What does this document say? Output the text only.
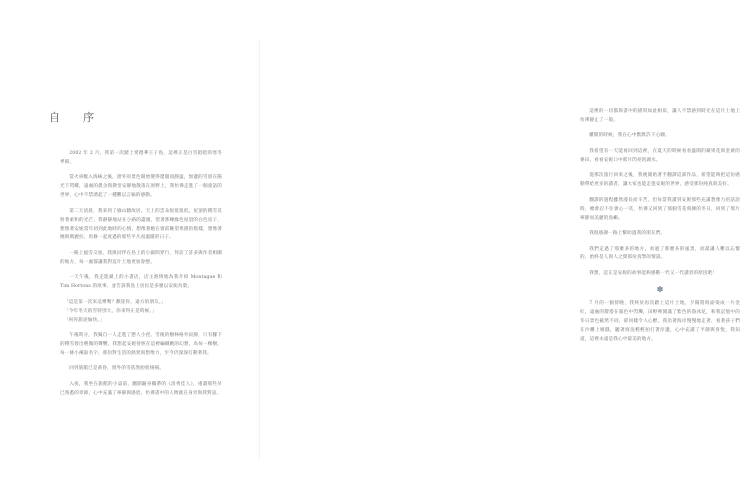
自　序

2002 年 2 月，我第一次踏上愛德華王子島，這裡正是白雪皚皚的寒冬季節。

當火車駛入海峽之後，窗外的景色開始變得遼闊而靜謐，無邊的雪原在陽光下閃耀，遠處的農舍與教堂安靜地散落在原野上，我彷彿走進了一個童話的世界，心中不禁湧起了一種難以言喻的感動。

第二天清晨，我來到了綠山牆故居。天上的雲朵很低很低，屋頂的積雪反射著柔和的光芒，我靜靜地站在小路的盡頭，望著那棟綠色屋頂的白色房子，想像著安妮當年初到此地時的心情，想像著她在窗前眺望果園的模樣，想像著她與瑪麗拉、馬修一起度過的那些平凡而溫暖的日子。

一路上風雪交加，我與同伴在島上的小鎮間穿行，拜訪了許多與作者相關的地方，每一處都讓我對這片土地更加眷戀。

一天午後，我走進鎮上的小書店，店主熱情地為我介紹 Montague 和 Tim Hortons 的故事，並告訴我島上居民是多麼以安妮為榮。

「這是第一次來這裡嗎？歡迎你，遠方的朋友。」

「今年冬天的雪特別大，你來得正是時候。」

「祝你旅途愉快。」

午後時分，我獨自一人走進了戀人小徑。雪後的樹林格外寂靜，只有腳下的積雪發出輕微的聲響。我想起安妮曾經在這裡編織她的幻想，為每一棵樹、每一條小溪取名字，那份對生活的熱愛與想像力，至今仍深深打動著我。

回到旅館已是黃昏，窗外的雪依然紛紛揚揚。

入夜，我坐在旅館的小桌前，翻開隨身攜帶的《清秀佳人》，重讀那些早已熟悉的章節，心中充滿了寧靜與感恩，彷彿書中的人物就在身旁與我對話。

這裡的一切都與書中的描寫如此相似，讓人不禁感到時光在這片土地上彷彿靜止了一般。

離開的時候，我在心中默默許下心願。

我希望有一天能再回到這裡，在夏天的時候看看盛開的蘋果花與金黃的麥田，看看安妮口中那片閃亮的湖水。

從那次旅行回來之後，我便開始著手翻譯這部作品，希望能夠把這份感動帶給更多的讀者，讓大家也能走進安妮的世界，感受那份純真與美好。

翻譯的過程雖然漫長而辛苦，但每當我讀到安妮那些充滿想像力的話語時，總會忍不住會心一笑，彷彿又回到了那個雪花飛舞的冬日，回到了那片寧靜而美麗的島嶼。

我很感謝一路上幫助過我的朋友們。

我們走過了那麼多的地方，看過了那麼多的風景，而最讓人難以忘懷的，始終是人與人之間那份真摯的情誼。

我想，這正是安妮的故事能夠感動一代又一代讀者的原因吧！

✽

7 月的一個傍晚，我終於再次踏上這片土地，夕陽將海面染成一片金紅，遠處的燈塔在暮色中閃爍，田野裡開滿了紫色的魯冰花，和我記憶中的冬日景色截然不同，卻同樣令人心醉。我沿著海岸慢慢地走著，看著孩子們在沙灘上嬉戲，聽著海浪輕輕拍打著岸邊，心中充滿了平靜與喜悅，我知道，這裡永遠是我心中最美的地方。
